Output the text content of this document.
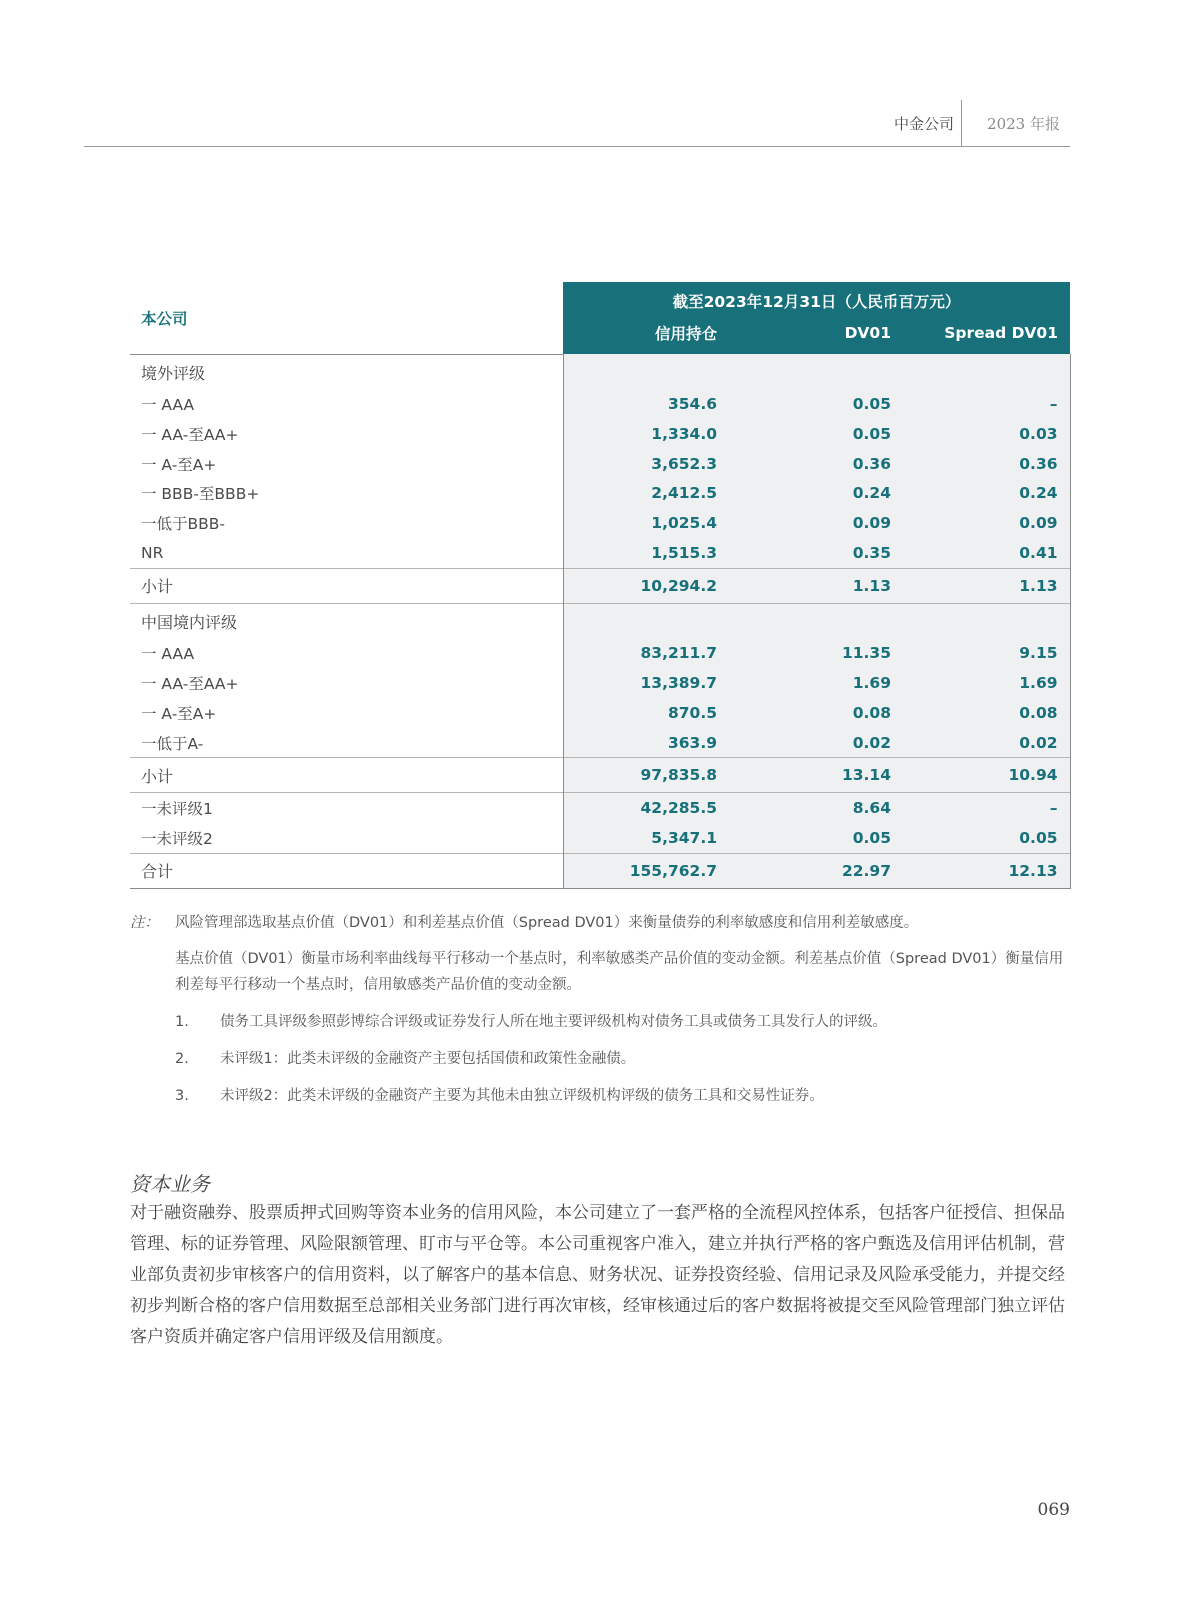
中金公司 2023 年报
本公司	截至2023年12月31日（人民币百万元）		
	信用持仓	DV01	Spread DV01
境外评级			
一 AAA	354.6	0.05	–
一 AA-至AA+	1,334.0	0.05	0.03
一 A-至A+	3,652.3	0.36	0.36
一 BBB-至BBB+	2,412.5	0.24	0.24
一低于BBB-	1,025.4	0.09	0.09
NR	1,515.3	0.35	0.41
小计	10,294.2	1.13	1.13
中国境内评级			
一 AAA	83,211.7	11.35	9.15
一 AA-至AA+	13,389.7	1.69	1.69
一 A-至A+	870.5	0.08	0.08
一低于A-	363.9	0.02	0.02
小计	97,835.8	13.14	10.94
一未评级1	42,285.5	8.64	–
一未评级2	5,347.1	0.05	0.05
合计	155,762.7	22.97	12.13
注： 风险管理部选取基点价值（DV01）和利差基点价值（Spread DV01）来衡量债券的利率敏感度和信用利差敏感度。
基点价值（DV01）衡量市场利率曲线每平行移动一个基点时，利率敏感类产品价值的变动金额。利差基点价值（Spread DV01）衡量信用利差每平行移动一个基点时，信用敏感类产品价值的变动金额。
1. 债务工具评级参照彭博综合评级或证券发行人所在地主要评级机构对债务工具或债务工具发行人的评级。
2. 未评级1：此类未评级的金融资产主要包括国债和政策性金融债。
3. 未评级2：此类未评级的金融资产主要为其他未由独立评级机构评级的债务工具和交易性证券。
资本业务
对于融资融券、股票质押式回购等资本业务的信用风险，本公司建立了一套严格的全流程风控体系，包括客户征授信、担保品管理、标的证券管理、风险限额管理、盯市与平仓等。本公司重视客户准入，建立并执行严格的客户甄选及信用评估机制，营业部负责初步审核客户的信用资料，以了解客户的基本信息、财务状况、证券投资经验、信用记录及风险承受能力，并提交经初步判断合格的客户信用数据至总部相关业务部门进行再次审核，经审核通过后的客户数据将被提交至风险管理部门独立评估客户资质并确定客户信用评级及信用额度。
069
